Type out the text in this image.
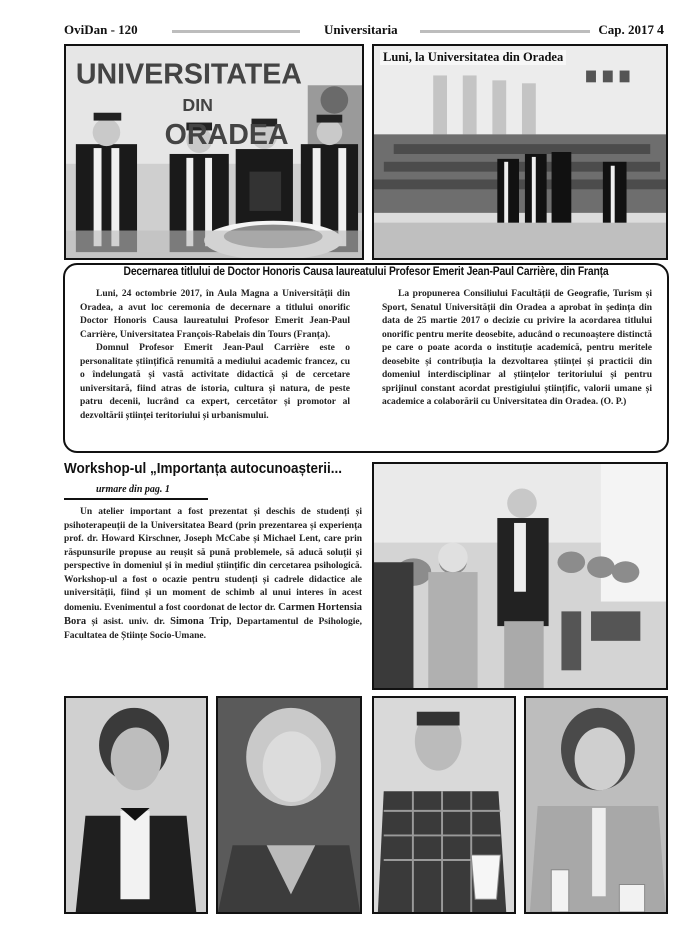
OviDan - 120	Universitaria	Cap. 2017 4
UNIVERSITATEA
DIN
ORADEA
Luni, la Universitatea din Oradea
Decernarea titlului de Doctor Honoris Causa laureatului Profesor Emerit Jean-Paul Carrière, din Franța

Luni, 24 octombrie 2017, în Aula Magna a Universității din Oradea, a avut loc ceremonia de decernare a titlului onorific Doctor Honoris Causa laureatului Profesor Emerit Jean-Paul Carrière, Universitatea François-Rabelais din Tours (Franța).

Domnul Profesor Emerit Jean-Paul Carrière este o personalitate științifică renumită a mediului academic francez, cu o îndelungată și vastă activitate didactică și de cercetare universitară, fiind atras de istoria, cultura și natura, de peste patru decenii, lucrând ca expert, cercetător și promotor al dezvoltării științei teritoriului și urbanismului.

La propunerea Consiliului Facultății de Geografie, Turism și Sport, Senatul Universității din Oradea a aprobat în ședința din data de 25 martie 2017 o decizie cu privire la acordarea titlului onorific pentru merite deosebite, aducând o recunoaștere distinctă pe care o poate acorda o instituție academică, pentru meritele deosebite și contribuția la dezvoltarea științei și practicii din domeniul interdisciplinar al științelor teritoriului și pentru sprijinul constant acordat prestigiului științific, valorii umane și academice a colaborării cu Universitatea din Oradea. (O. P.)

Workshop-ul „Importanța autocunoașterii...
urmare din pag. 1

Un atelier important a fost prezentat și deschis de studenți și psihoterapeuții de la Universitatea Beard (prin prezentarea și experiența prof. dr. Howard Kirschner, Joseph McCabe și Michael Lent, care prin răspunsurile propuse au reușit să pună problemele, să aducă soluții și perspective în domeniul și în mediul științific din cercetarea psihologică. Workshop-ul a fost o ocazie pentru studenți și cadrele didactice ale universității, fiind și un moment de schimb al unui interes în acest domeniu. Evenimentul a fost coordonat de lector dr. Carmen Hortensia Bora și asist. univ. dr. Simona Trip, Departamentul de Psihologie, Facultatea de Științe Socio-Umane.
